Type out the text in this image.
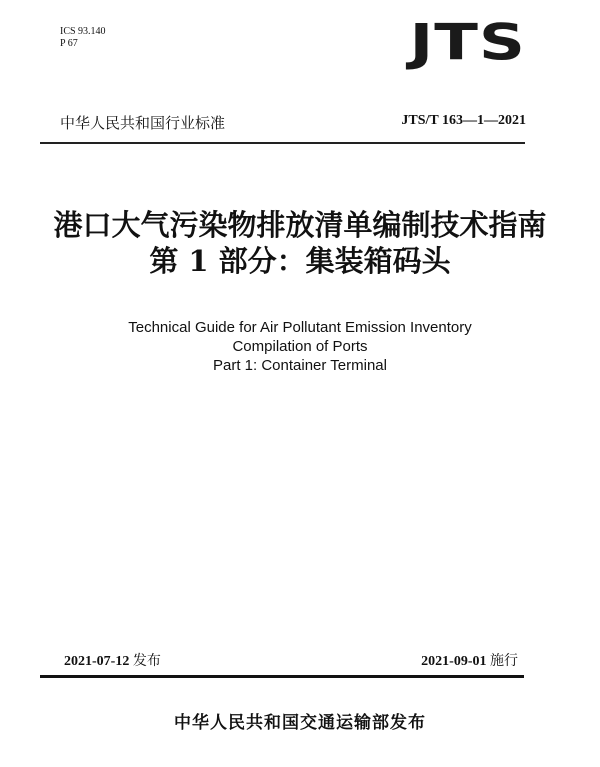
ICS 93.140
P 67	JTS
中华人民共和国行业标准	JTS/T 163—1—2021
港口大气污染物排放清单编制技术指南
第 1 部分：集装箱码头
Technical Guide for Air Pollutant Emission Inventory
Compilation of Ports
Part 1: Container Terminal
2021-07-12 发布	2021-09-01 施行
中华人民共和国交通运输部发布
